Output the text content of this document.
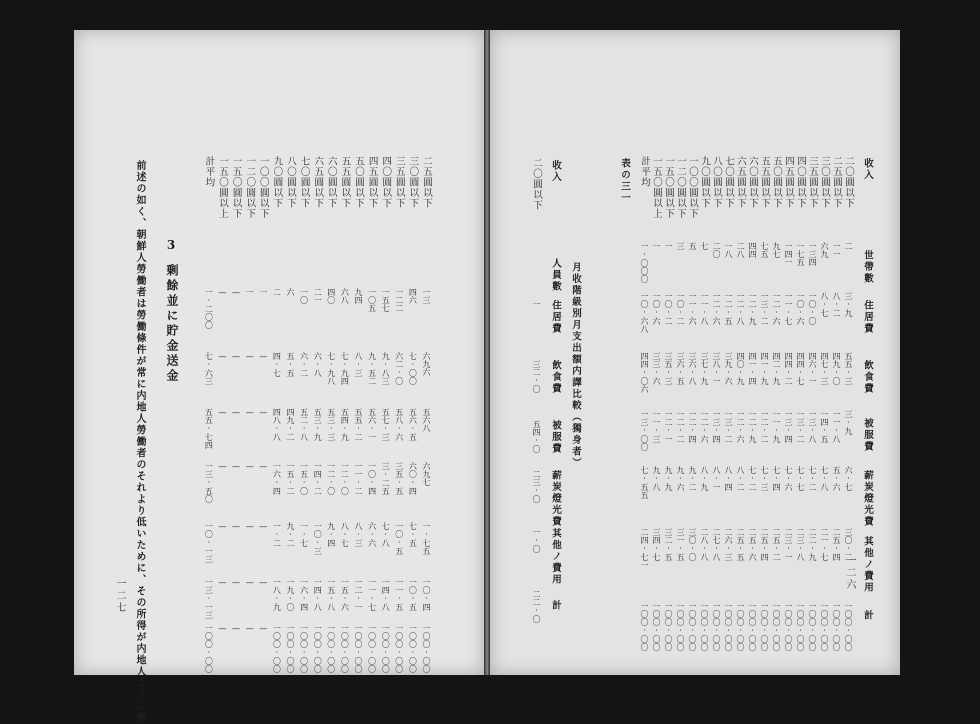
一二七 前述の如く、朝鮮人勞働者は勞働條件が常に内地人勞働者のそれより低いために、その所得が内地人より二割 3
剰餘並に貯金送金
二五圓以下
一三
六九六
五六八
六九七
一·七五
一〇·四
一〇〇·〇〇
三〇圓以下
四六
七·〇〇
五六·五
六〇·四
七·五
一〇·五
一〇〇·〇〇
三五圓以下
一二二
六二·〇
五八·六
三五·五
一〇·五
一一·五
一〇〇·〇〇
四〇圓以下
一五七
九·八三
五七·三
三·二五
七·八
一四·八
一〇〇·〇〇
四五圓以下
一〇五
九·五二
五六·一
一〇·四
六·六
一一·七
一〇〇·〇〇
五〇圓以下
九四
八·三
五五·二
一一·二
八·三
一二·一
一〇〇·〇〇
五五圓以下
六八
七·九四
五四·九
一二·〇
八·七
一五·六
一〇〇·〇〇
六〇圓以下
四〇
七·九八
五三·三
一二·〇
九·四
一五·八
一〇〇·〇〇
六五圓以下
二一
六·八
五三·九
一四·二
一〇·三
一四·八
一〇〇·〇〇
七〇圓以下
一〇
六·二
五二·八
一五·〇
一·七
一六·四
一〇〇·〇〇
八〇圓以下
六
五·五
四九·二
一五·二
九·二
一九·〇
一〇〇·〇〇
九〇圓以下
二
四·七
四八·八
一六·四
一·二
一八·九
一〇〇·〇〇
一〇〇圓以下
一
—
—
—
—
—
—
一二〇圓以下
一
—
—
—
—
—
—
一五〇圓以下
—
—
—
—
—
—
—
一五〇圓以上
—
—
—
—
—
—
—
計平均
一·二〇〇
七·六三
五五·七四
一三·五〇
一〇·一三
一三·一三
一〇〇·〇〇
一二六
收入
世帶數
住居費
飲食費
被服費
薪炭燈光費
其他ノ費用
計
二〇圓以下
二
三·九
五五·三
三·九
六·七
三〇·二
一〇〇·〇〇
二五圓以下
一一
八·二
四九·〇
一一·八
五·六
二五·四
一〇〇·〇〇
三〇圓以下
六九
八·七
四七·三
一四·五
七·八
二一·七
一〇〇·〇〇
三五圓以下
一三四
一〇·〇
四六·一
一三·八
七·二
二二·九
一〇〇·〇〇
四〇圓以下
一七五
一〇·六
四四·七
一三·二
七·七
二三·八
一〇〇·〇〇
四五圓以下
一四一
一一·七
四四·二
一三·四
七·六
二三·一
一〇〇·〇〇
五〇圓以下
九七
一二·六
四二·九
一一·九
七·四
二五·二
一〇〇·〇〇
五五圓以下
七五
一三·二
四一·九
一二·二
七·三
二五·四
一〇〇·〇〇
六〇圓以下
四四
一二·九
四一·四
一二·九
七·二
二五·六
一〇〇·〇〇
六五圓以下
二八
一二·八
四〇·九
一二·六
八·二
二五·五
一〇〇·〇〇
七〇圓以下
一八
一二·五
三九·六
一三·二
八·四
二六·三
一〇〇·〇〇
八〇圓以下
二〇
一二·六
三八·一
一三·四
八·一
二七·八
一〇〇·〇〇
九〇圓以下
七
一一·八
三七·九
一二·六
八·九
二八·八
一〇〇·〇〇
一〇〇圓以下
五
一一·六
三六·八
一二·四
九·二
三〇·〇
一〇〇·〇〇
一二〇圓以下
三
一〇·二
三六·五
一二·二
九·六
三一·五
一〇〇·〇〇
一五〇圓以下
一
一〇·二
三五·三
一二·一
九·九
三二·五
一〇〇·〇〇
一五〇圓以上
一
一〇·六
三三·六
一一·三
九·八
三四·七
一〇〇·〇〇
計平均
一·〇〇〇
一〇·六八
四四·〇六
一三·〇〇
七·五五
二四·七一
一〇〇·〇〇
表の三一
月收階級別月支出額内譯比較（獨身者）
收入
人員數
住居費
飲食費
被服費
薪炭燈光費
其他ノ費用
計
二〇圓以下
一
三二·〇
五四·〇
二三·〇
一·〇
二二·〇
